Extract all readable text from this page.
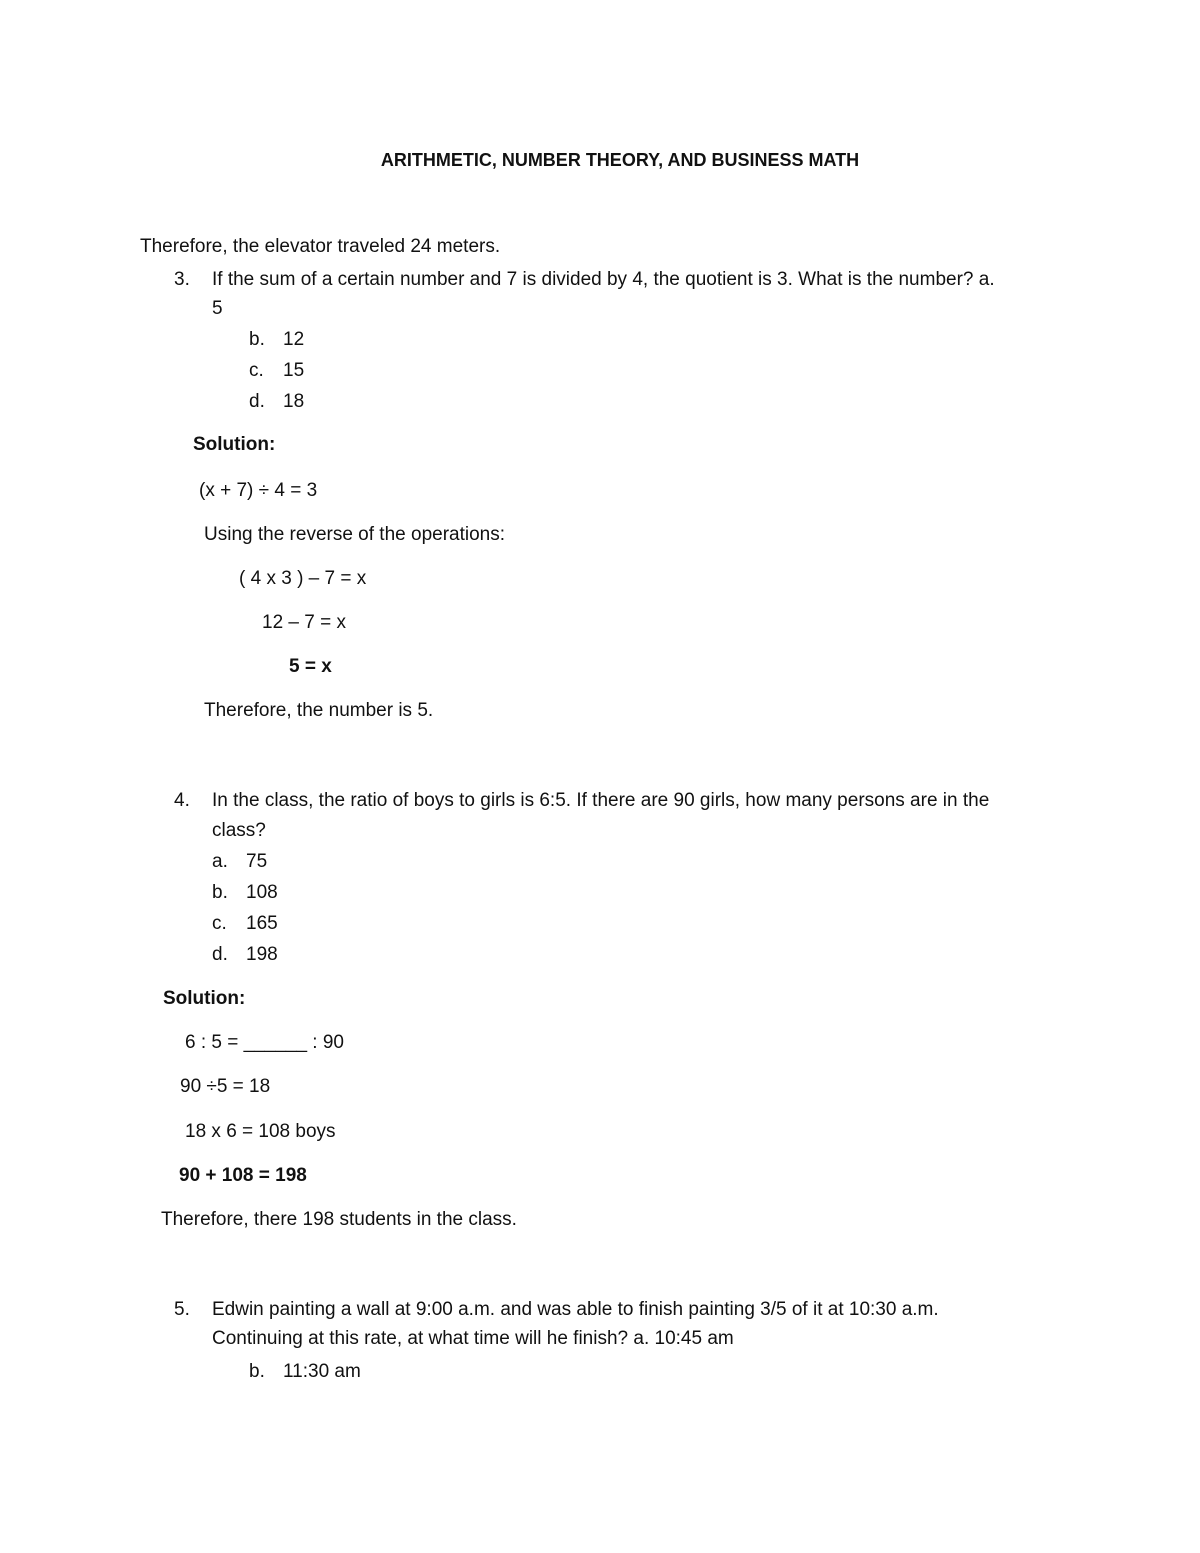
ARITHMETIC, NUMBER THEORY, AND BUSINESS MATH
Therefore, the elevator traveled 24 meters.
3. If the sum of a certain number and 7 is divided by 4, the quotient is 3. What is the number? a.
5
b. 12
c. 15
d. 18
Solution:
(x + 7) ÷ 4 = 3
Using the reverse of the operations:
( 4 x 3 ) – 7 = x
12 – 7 = x
5 = x
Therefore, the number is 5.
4. In the class, the ratio of boys to girls is 6:5. If there are 90 girls, how many persons are in the
class?
a. 75
b. 108
c. 165
d. 198
Solution:
6 : 5 = ______ : 90
90 ÷5 = 18
18 x 6 = 108 boys
90 + 108 = 198
Therefore, there 198 students in the class.
5. Edwin painting a wall at 9:00 a.m. and was able to finish painting 3/5 of it at 10:30 a.m.
Continuing at this rate, at what time will he finish? a. 10:45 am
b. 11:30 am
